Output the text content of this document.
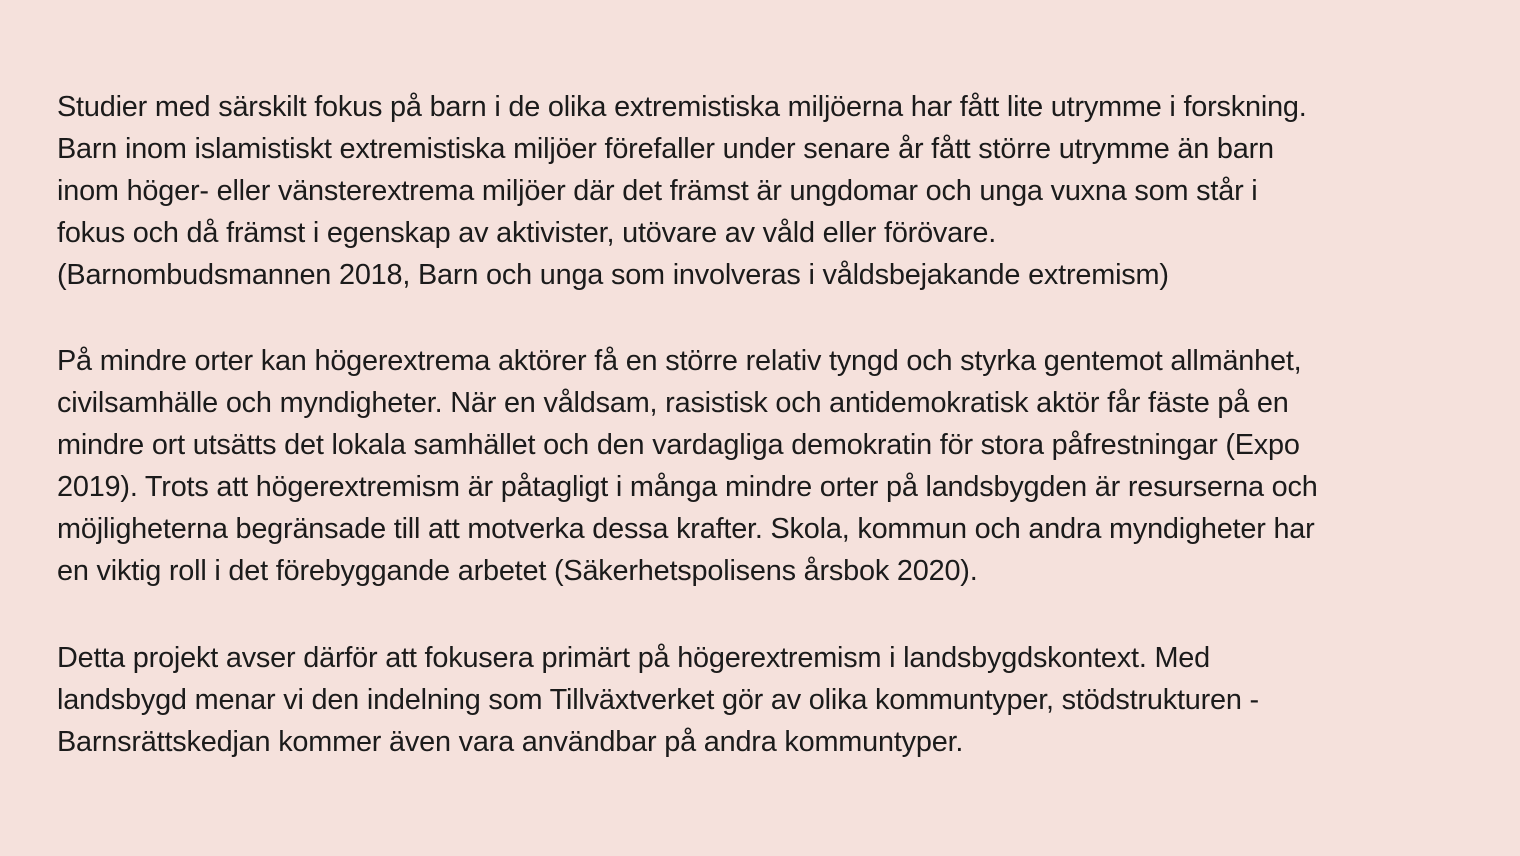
Studier med särskilt fokus på barn i de olika extremistiska miljöerna har fått lite utrymme i forskning.
Barn inom islamistiskt extremistiska miljöer förefaller under senare år fått större utrymme än barn
inom höger- eller vänsterextrema miljöer där det främst är ungdomar och unga vuxna som står i
fokus och då främst i egenskap av aktivister, utövare av våld eller förövare.
(Barnombudsmannen 2018, Barn och unga som involveras i våldsbejakande extremism)
På mindre orter kan högerextrema aktörer få en större relativ tyngd och styrka gentemot allmänhet,
civilsamhälle och myndigheter. När en våldsam, rasistisk och antidemokratisk aktör får fäste på en
mindre ort utsätts det lokala samhället och den vardagliga demokratin för stora påfrestningar (Expo
2019). Trots att högerextremism är påtagligt i många mindre orter på landsbygden är resurserna och
möjligheterna begränsade till att motverka dessa krafter. Skola, kommun och andra myndigheter har
en viktig roll i det förebyggande arbetet (Säkerhetspolisens årsbok 2020).
Detta projekt avser därför att fokusera primärt på högerextremism i landsbygdskontext. Med
landsbygd menar vi den indelning som Tillväxtverket gör av olika kommuntyper, stödstrukturen -
Barnsrättskedjan kommer även vara användbar på andra kommuntyper.
